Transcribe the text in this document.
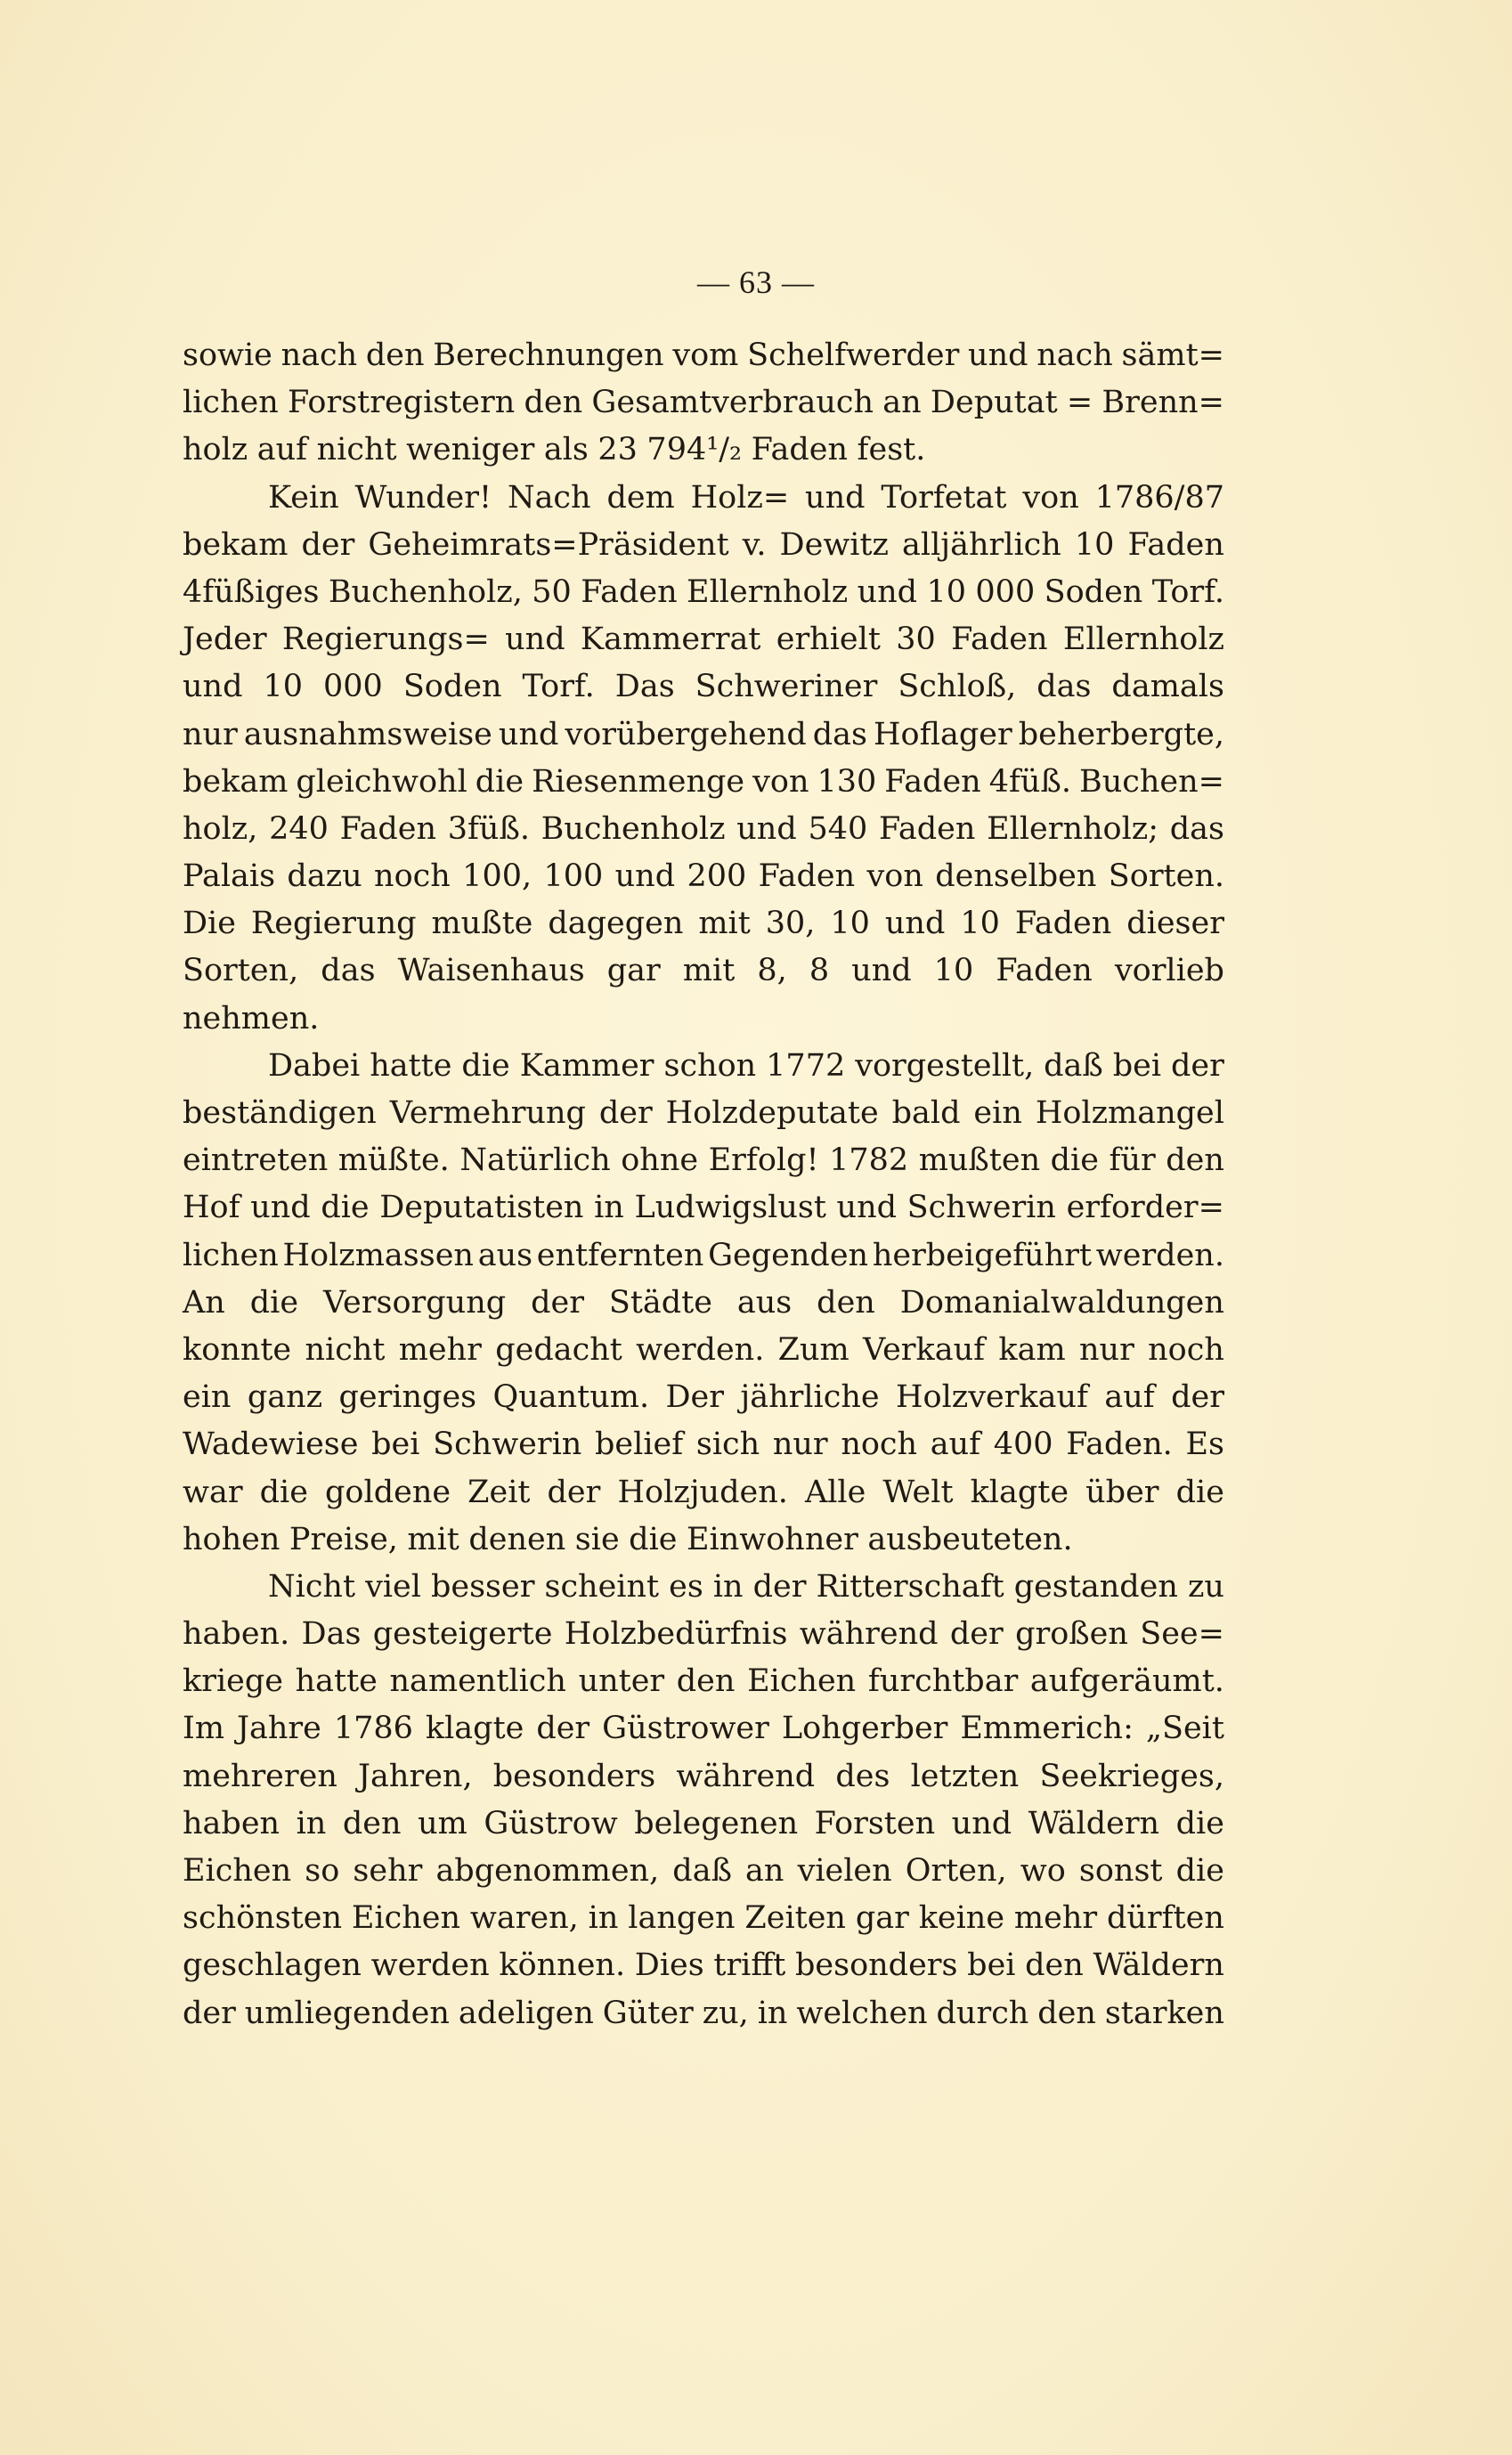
— 63 —
sowie nach den Berechnungen vom Schelfwerder und nach sämt=
lichen Forstregistern den Gesamtverbrauch an Deputat = Brenn=
holz auf nicht weniger als 23 794¹/₂ Faden fest.
Kein Wunder! Nach dem Holz= und Torfetat von 1786/87
bekam der Geheimrats=Präsident v. Dewitz alljährlich 10 Faden
4füßiges Buchenholz, 50 Faden Ellernholz und 10 000 Soden Torf.
Jeder Regierungs= und Kammerrat erhielt 30 Faden Ellernholz
und 10 000 Soden Torf. Das Schweriner Schloß, das damals
nur ausnahmsweise und vorübergehend das Hoflager beherbergte,
bekam gleichwohl die Riesenmenge von 130 Faden 4füß. Buchen=
holz, 240 Faden 3füß. Buchenholz und 540 Faden Ellernholz; das
Palais dazu noch 100, 100 und 200 Faden von denselben Sorten.
Die Regierung mußte dagegen mit 30, 10 und 10 Faden dieser
Sorten, das Waisenhaus gar mit 8, 8 und 10 Faden vorlieb
nehmen.
Dabei hatte die Kammer schon 1772 vorgestellt, daß bei der
beständigen Vermehrung der Holzdeputate bald ein Holzmangel
eintreten müßte. Natürlich ohne Erfolg! 1782 mußten die für den
Hof und die Deputatisten in Ludwigslust und Schwerin erforder=
lichen Holzmassen aus entfernten Gegenden herbeigeführt werden.
An die Versorgung der Städte aus den Domanialwaldungen
konnte nicht mehr gedacht werden. Zum Verkauf kam nur noch
ein ganz geringes Quantum. Der jährliche Holzverkauf auf der
Wadewiese bei Schwerin belief sich nur noch auf 400 Faden. Es
war die goldene Zeit der Holzjuden. Alle Welt klagte über die
hohen Preise, mit denen sie die Einwohner ausbeuteten.
Nicht viel besser scheint es in der Ritterschaft gestanden zu
haben. Das gesteigerte Holzbedürfnis während der großen See=
kriege hatte namentlich unter den Eichen furchtbar aufgeräumt.
Im Jahre 1786 klagte der Güstrower Lohgerber Emmerich: „Seit
mehreren Jahren, besonders während des letzten Seekrieges,
haben in den um Güstrow belegenen Forsten und Wäldern die
Eichen so sehr abgenommen, daß an vielen Orten, wo sonst die
schönsten Eichen waren, in langen Zeiten gar keine mehr dürften
geschlagen werden können. Dies trifft besonders bei den Wäldern
der umliegenden adeligen Güter zu, in welchen durch den starken
